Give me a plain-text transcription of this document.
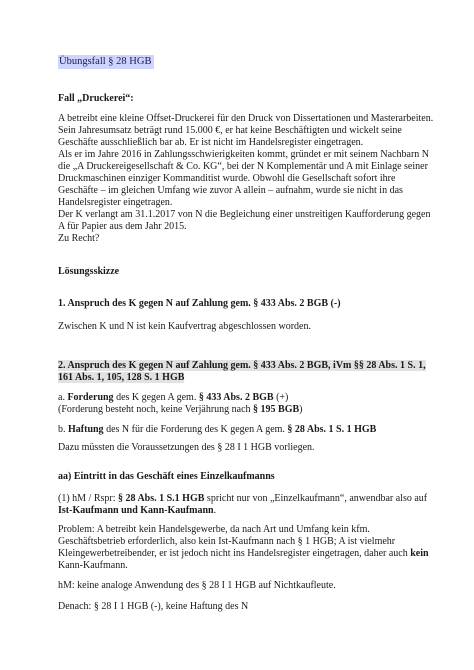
Übungsfall § 28 HGB

Fall „Druckerei“:

A betreibt eine kleine Offset-Druckerei für den Druck von Dissertationen und Masterarbeiten.
Sein Jahresumsatz beträgt rund 15.000 €, er hat keine Beschäftigten und wickelt seine
Geschäfte ausschließlich bar ab. Er ist nicht im Handelsregister eingetragen.
Als er im Jahre 2016 in Zahlungsschwierigkeiten kommt, gründet er mit seinem Nachbarn N
die „A Druckereigesellschaft & Co. KG“, bei der N Komplementär und A mit Einlage seiner
Druckmaschinen einziger Kommanditist wurde. Obwohl die Gesellschaft sofort ihre
Geschäfte – im gleichen Umfang wie zuvor A allein – aufnahm, wurde sie nicht in das
Handelsregister eingetragen.
Der K verlangt am 31.1.2017 von N die Begleichung einer unstreitigen Kaufforderung gegen
A für Papier aus dem Jahr 2015.
Zu Recht?

Lösungsskizze

1. Anspruch des K gegen N auf Zahlung gem. § 433 Abs. 2 BGB (-)

Zwischen K und N ist kein Kaufvertrag abgeschlossen worden.

2. Anspruch des K gegen N auf Zahlung gem. § 433 Abs. 2 BGB, iVm §§ 28 Abs. 1 S. 1,
161 Abs. 1, 105, 128 S. 1 HGB
a. Forderung des K gegen A gem. § 433 Abs. 2 BGB (+)
(Forderung besteht noch, keine Verjährung nach § 195 BGB)
b. Haftung des N für die Forderung des K gegen A gem. § 28 Abs. 1 S. 1 HGB

Dazu müssten die Voraussetzungen des § 28 I 1 HGB vorliegen.

aa) Eintritt in das Geschäft eines Einzelkaufmanns

(1) hM / Rspr: § 28 Abs. 1 S.1 HGB spricht nur von „Einzelkaufmann“, anwendbar also auf
Ist-Kaufmann und Kann-Kaufmann.
Problem: A betreibt kein Handelsgewerbe, da nach Art und Umfang kein kfm.
Geschäftsbetrieb erforderlich, also kein Ist-Kaufmann nach § 1 HGB; A ist vielmehr
Kleingewerbetreibender, er ist jedoch nicht ins Handelsregister eingetragen, daher auch kein
Kann-Kaufmann.

hM: keine analoge Anwendung des § 28 I 1 HGB auf Nichtkaufleute.

Denach: § 28 I 1 HGB (-), keine Haftung des N
